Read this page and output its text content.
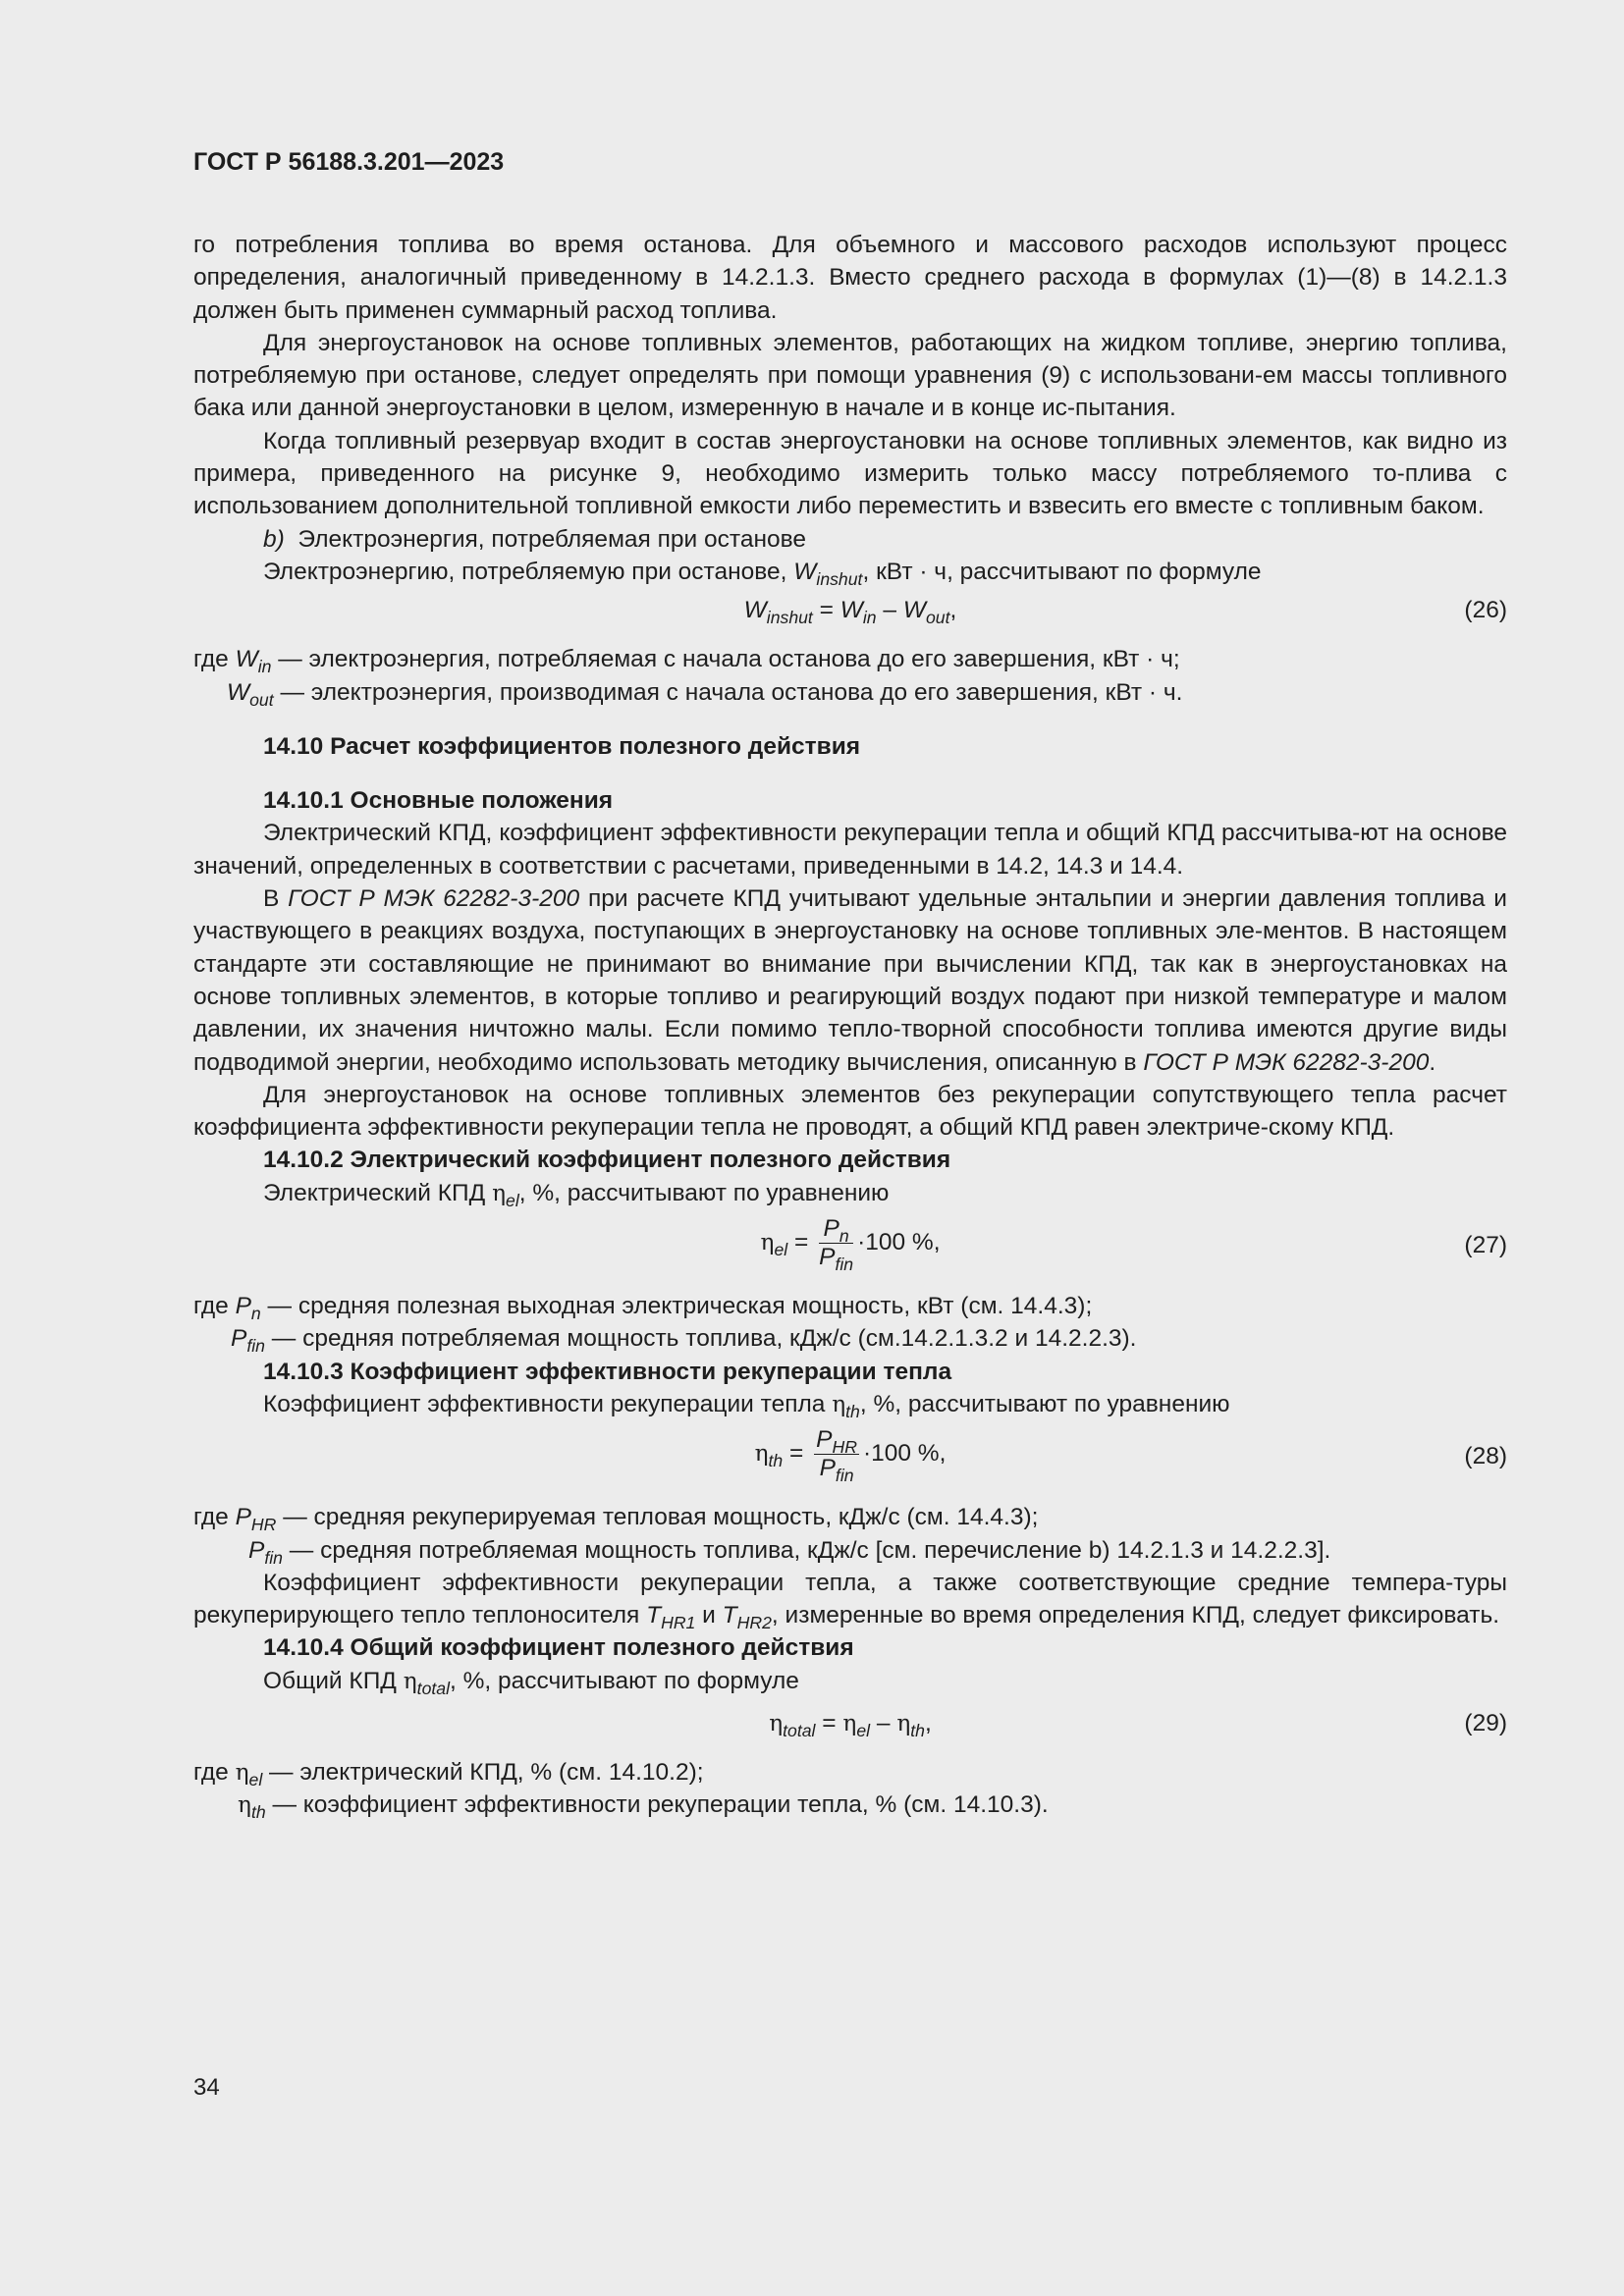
ГОСТ Р 56188.3.201—2023

го потребления топлива во время останова. Для объемного и массового расходов используют процесс определения, аналогичный приведенному в 14.2.1.3. Вместо среднего расхода в формулах (1)—(8) в 14.2.1.3 должен быть применен суммарный расход топлива.

Для энергоустановок на основе топливных элементов, работающих на жидком топливе, энергию топлива, потребляемую при останове, следует определять при помощи уравнения (9) с использовани-ем массы топливного бака или данной энергоустановки в целом, измеренную в начале и в конце ис-пытания.

Когда топливный резервуар входит в состав энергоустановки на основе топливных элементов, как видно из примера, приведенного на рисунке 9, необходимо измерить только массу потребляемого то-плива с использованием дополнительной топливной емкости либо переместить и взвесить его вместе с топливным баком.

b) Электроэнергия, потребляемая при останове

Электроэнергию, потребляемую при останове, $W_{inshut}$, кВт · ч, рассчитывают по формуле

$W_{inshut} = W_{in} - W_{out}$,	(26)

где $W_{in}$ — электроэнергия, потребляемая с начала останова до его завершения, кВт · ч;

$W_{out}$ — электроэнергия, производимая с начала останова до его завершения, кВт · ч.

14.10 Расчет коэффициентов полезного действия

14.10.1 Основные положения

Электрический КПД, коэффициент эффективности рекуперации тепла и общий КПД рассчитыва-ют на основе значений, определенных в соответствии с расчетами, приведенными в 14.2, 14.3 и 14.4.

В ГОСТ Р МЭК 62282-3-200 при расчете КПД учитывают удельные энтальпии и энергии давления топлива и участвующего в реакциях воздуха, поступающих в энергоустановку на основе топливных эле-ментов. В настоящем стандарте эти составляющие не принимают во внимание при вычислении КПД, так как в энергоустановках на основе топливных элементов, в которые топливо и реагирующий воздух подают при низкой температуре и малом давлении, их значения ничтожно малы. Если помимо тепло-творной способности топлива имеются другие виды подводимой энергии, необходимо использовать методику вычисления, описанную в ГОСТ Р МЭК 62282-3-200.

Для энергоустановок на основе топливных элементов без рекуперации сопутствующего тепла расчет коэффициента эффективности рекуперации тепла не проводят, а общий КПД равен электриче-скому КПД.

14.10.2 Электрический коэффициент полезного действия

Электрический КПД $\eta_{el}$, %, рассчитывают по уравнению

$\eta_{el} = \frac{P_n}{P_{fin}} \cdot 100$ %,	(27)

где $P_n$ — средняя полезная выходная электрическая мощность, кВт (см. 14.4.3);

$P_{fin}$ — средняя потребляемая мощность топлива, кДж/с (см.14.2.1.3.2 и 14.2.2.3).

14.10.3 Коэффициент эффективности рекуперации тепла

Коэффициент эффективности рекуперации тепла $\eta_{th}$, %, рассчитывают по уравнению

$\eta_{th} = \frac{P_{HR}}{P_{fin}} \cdot 100$ %,	(28)

где $P_{HR}$ — средняя рекуперируемая тепловая мощность, кДж/с (см. 14.4.3);

$P_{fin}$ — средняя потребляемая мощность топлива, кДж/с [см. перечисление b) 14.2.1.3 и 14.2.2.3].

Коэффициент эффективности рекуперации тепла, а также соответствующие средние темпера-туры рекуперирующего тепло теплоносителя $T_{HR1}$ и $T_{HR2}$, измеренные во время определения КПД, следует фиксировать.

14.10.4 Общий коэффициент полезного действия

Общий КПД $\eta_{total}$, %, рассчитывают по формуле

$\eta_{total} = \eta_{el} - \eta_{th}$,	(29)

где $\eta_{el}$ — электрический КПД, % (см. 14.10.2);

$\eta_{th}$ — коэффициент эффективности рекуперации тепла, % (см. 14.10.3).

34
